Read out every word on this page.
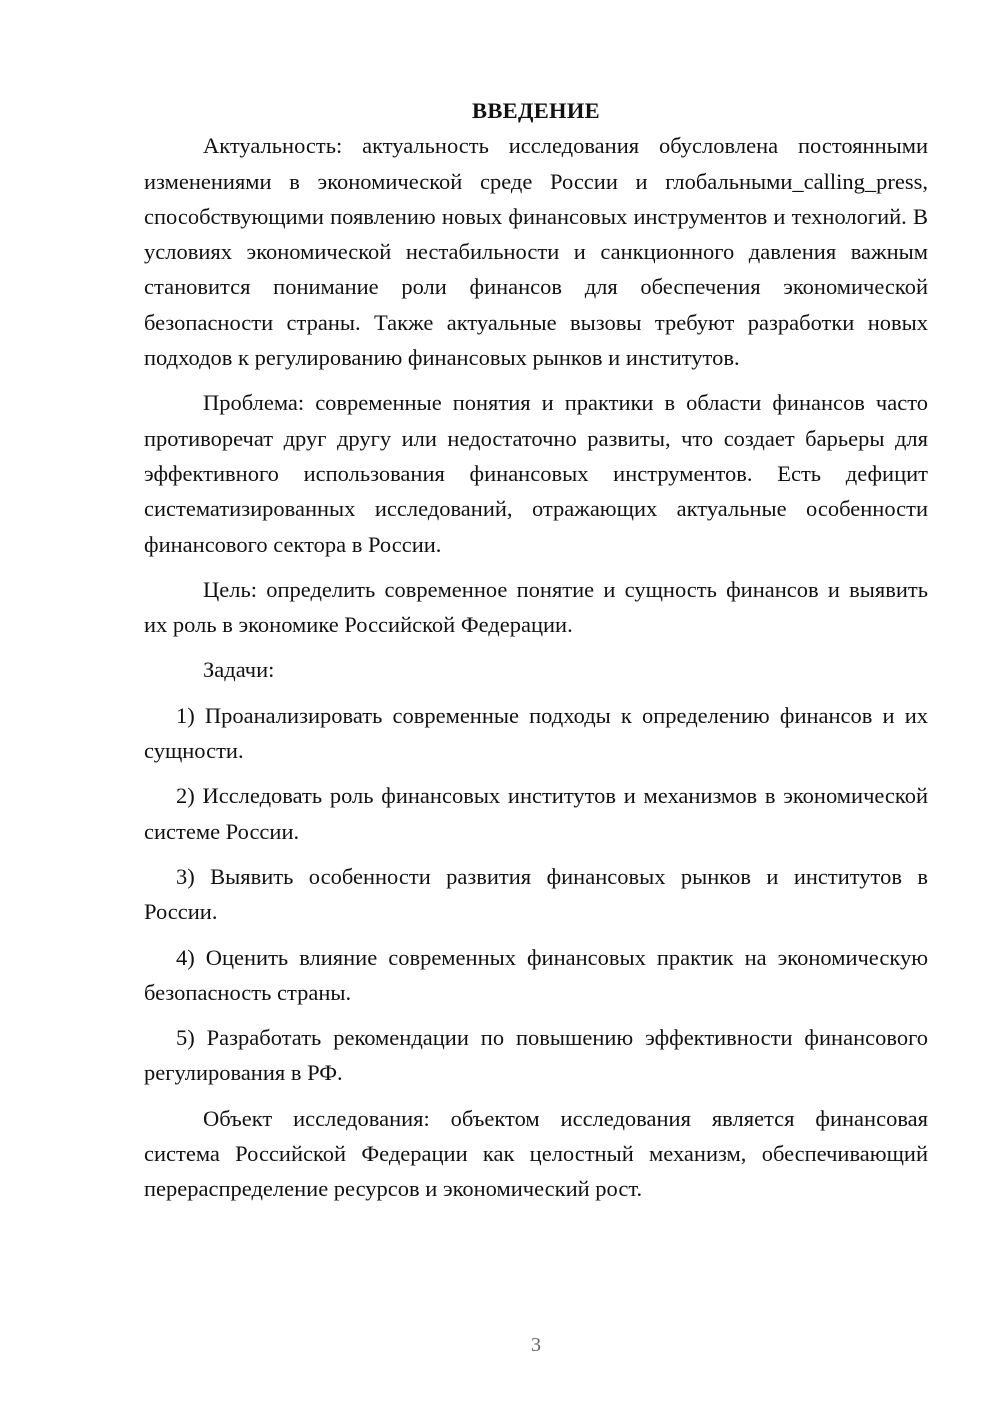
ВВЕДЕНИЕ

Актуальность: актуальность исследования обусловлена постоянными изменениями в экономической среде России и глобальными_calling_press, способствующими появлению новых финансовых инструментов и технологий. В условиях экономической нестабильности и санкционного давления важным становится понимание роли финансов для обеспечения экономической безопасности страны. Также актуальные вызовы требуют разработки новых подходов к регулированию финансовых рынков и институтов.

Проблема: современные понятия и практики в области финансов часто противоречат друг другу или недостаточно развиты, что создает барьеры для эффективного использования финансовых инструментов. Есть дефицит систематизированных исследований, отражающих актуальные особенности финансового сектора в России.

Цель: определить современное понятие и сущность финансов и выявить их роль в экономике Российской Федерации.

Задачи:

1) Проанализировать современные подходы к определению финансов и их сущности.

2) Исследовать роль финансовых институтов и механизмов в экономической системе России.

3) Выявить особенности развития финансовых рынков и институтов в России.

4) Оценить влияние современных финансовых практик на экономическую безопасность страны.

5) Разработать рекомендации по повышению эффективности финансового регулирования в РФ.

Объект исследования: объектом исследования является финансовая система Российской Федерации как целостный механизм, обеспечивающий перераспределение ресурсов и экономический рост.

3
